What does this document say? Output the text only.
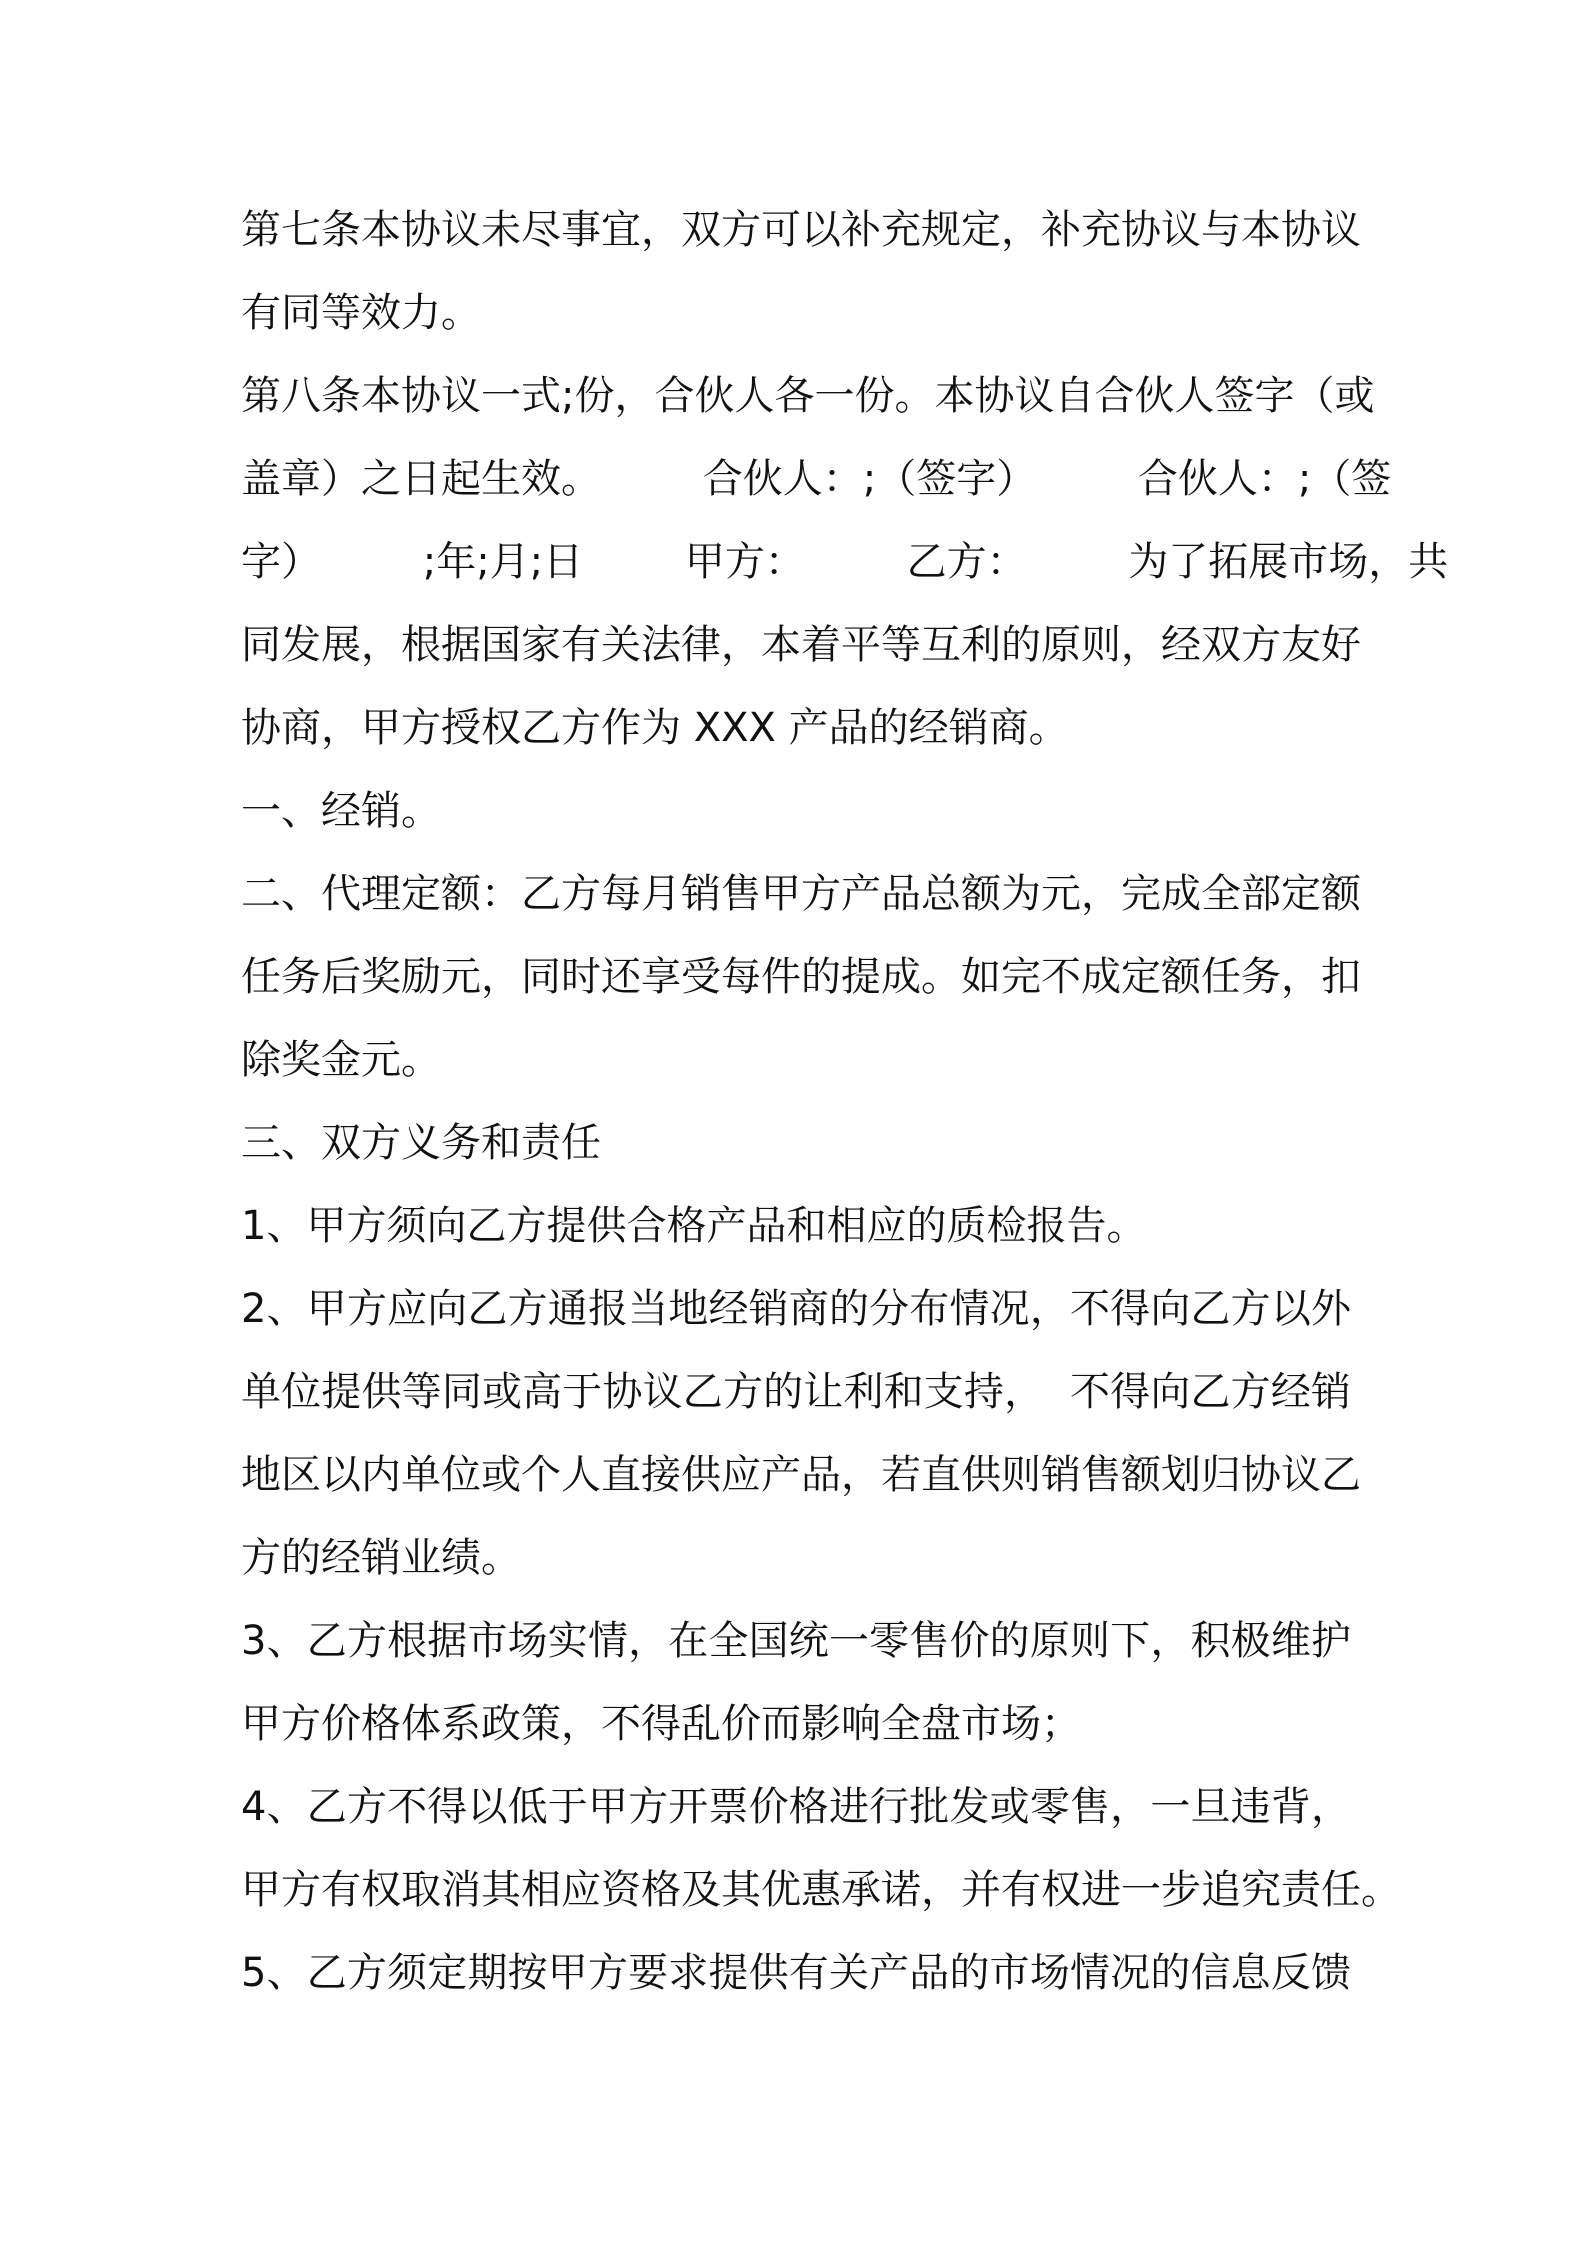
第七条本协议未尽事宜，双方可以补充规定，补充协议与本协议
有同等效力。
第八条本协议一式;份，合伙人各一份。本协议自合伙人签字（或
盖章）之日起生效。        合伙人：;（签字）        合伙人：;（签
字）        ;年;月;日        甲方：        乙方：        为了拓展市场，共
同发展，根据国家有关法律，本着平等互利的原则，经双方友好
协商，甲方授权乙方作为 XXX 产品的经销商。
一、经销。
二、代理定额：乙方每月销售甲方产品总额为元，完成全部定额
任务后奖励元，同时还享受每件的提成。如完不成定额任务，扣
除奖金元。
三、双方义务和责任
1、甲方须向乙方提供合格产品和相应的质检报告。
2、甲方应向乙方通报当地经销商的分布情况，不得向乙方以外
单位提供等同或高于协议乙方的让利和支持，  不得向乙方经销
地区以内单位或个人直接供应产品，若直供则销售额划归协议乙
方的经销业绩。
3、乙方根据市场实情，在全国统一零售价的原则下，积极维护
甲方价格体系政策，不得乱价而影响全盘市场；
4、乙方不得以低于甲方开票价格进行批发或零售，一旦违背，
甲方有权取消其相应资格及其优惠承诺，并有权进一步追究责任。
5、乙方须定期按甲方要求提供有关产品的市场情况的信息反馈
